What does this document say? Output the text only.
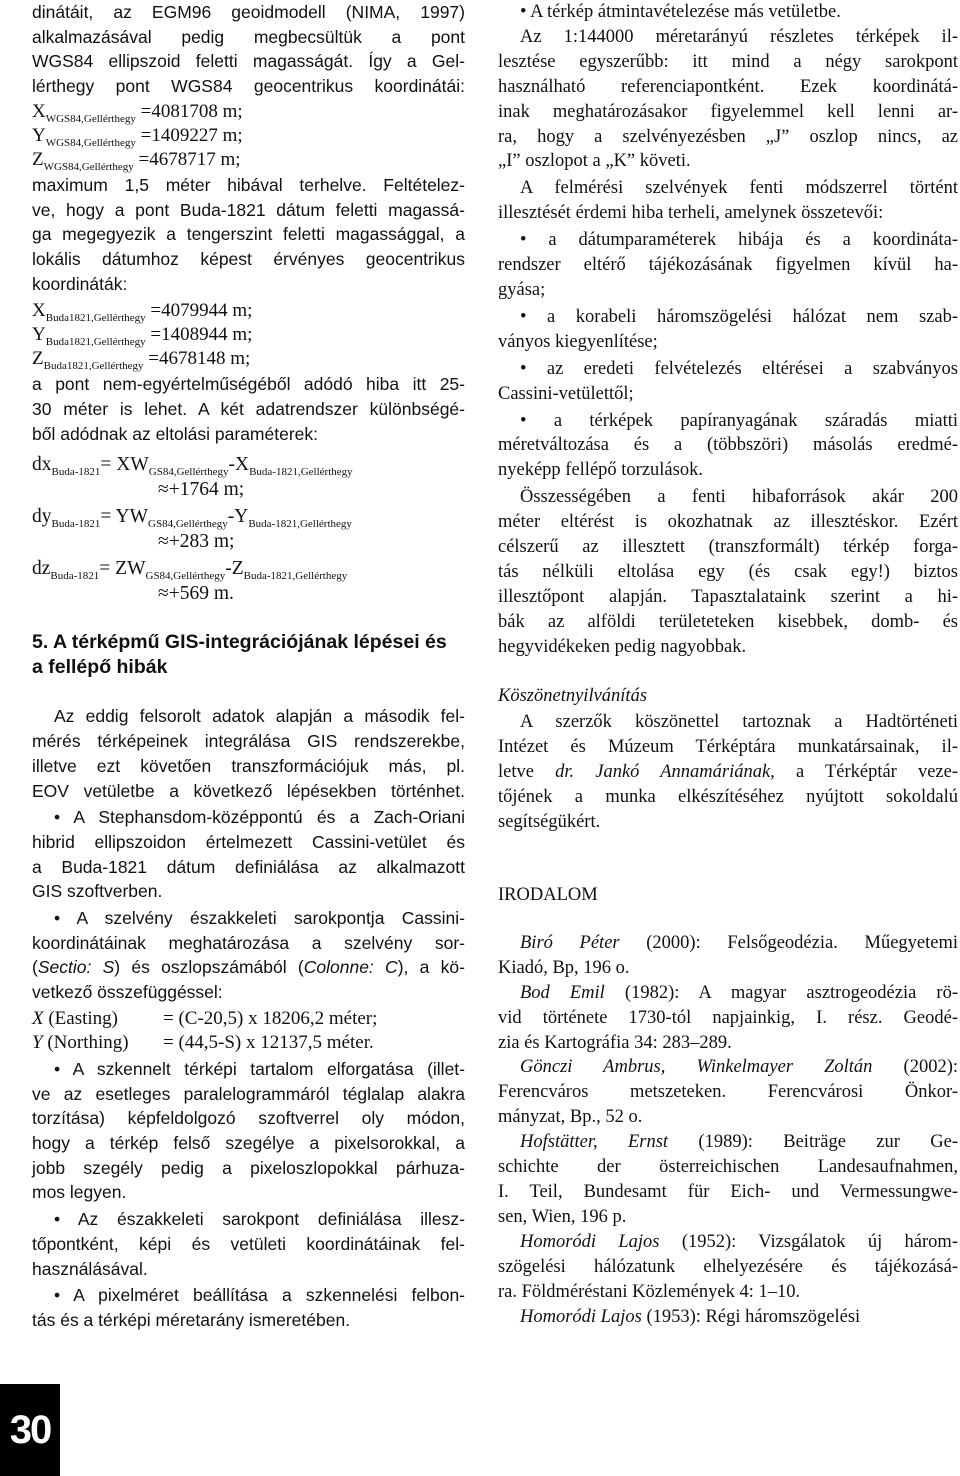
dinátáit, az EGM96 geoidmodell (NIMA, 1997)
alkalmazásával pedig megbecsültük a pont
WGS84 ellipszoid feletti magasságát. Így a Gel-
lérthegy pont WGS84 geocentrikus koordinátái:
$X_{WGS84,Gellérthegy} =4081708$ m;
$Y_{WGS84,Gellérthegy} =1409227$ m;
$Z_{WGS84,Gellérthegy} =4678717$ m;
maximum 1,5 méter hibával terhelve. Feltételez-
ve, hogy a pont Buda-1821 dátum feletti magassá-
ga megegyezik a tengerszint feletti magassággal, a
lokális dátumhoz képest érvényes geocentrikus
koordináták:
$X_{Buda1821,Gellérthegy} =4079944$ m;
$Y_{Buda1821,Gellérthegy} =1408944$ m;
$Z_{Buda1821,Gellérthegy} =4678148$ m;
a pont nem-egyértelműségéből adódó hiba itt 25-
30 méter is lehet. A két adatrendszer különbségé-
ből adódnak az eltolási paraméterek:
$dx_{Buda-1821}= XW_{GS84,Gellérthegy}-X_{Buda-1821,Gellérthegy}$
≈+1764 m;
$dy_{Buda-1821}= YW_{GS84,Gellérthegy}-Y_{Buda-1821,Gellérthegy}$
≈+283 m;
$dz_{Buda-1821}= ZW_{GS84,Gellérthegy}-Z_{Buda-1821,Gellérthegy}$
≈+569 m.
5. A térképmű GIS-integrációjának lépései és
a fellépő hibák
Az eddig felsorolt adatok alapján a második fel-
mérés térképeinek integrálása GIS rendszerekbe,
illetve ezt követően transzformációjuk más, pl.
EOV vetületbe a következő lépésekben történhet.
• A Stephansdom-középpontú és a Zach-Oriani
hibrid ellipszoidon értelmezett Cassini-vetület és
a Buda-1821 dátum definiálása az alkalmazott
GIS szoftverben.
• A szelvény északkeleti sarokpontja Cassini-
koordinátáinak meghatározása a szelvény sor-
(Sectio: S) és oszlopszámából (Colonne: C), a kö-
vetkező összefüggéssel:
X (Easting) = (C-20,5) x 18206,2 méter;
Y (Northing) = (44,5-S) x 12137,5 méter.
• A szkennelt térképi tartalom elforgatása (illet-
ve az esetleges paralelogrammáról téglalap alakra
torzítása) képfeldolgozó szoftverrel oly módon,
hogy a térkép felső szegélye a pixelsorokkal, a
jobb szegély pedig a pixeloszlopokkal párhuza-
mos legyen.
• Az északkeleti sarokpont definiálása illesz-
tőpontként, képi és vetületi koordinátáinak fel-
használásával.
• A pixelméret beállítása a szkennelési felbon-
tás és a térképi méretarány ismeretében.
• A térkép átmintavételezése más vetületbe.
Az 1:144000 méretarányú részletes térképek il-
lesztése egyszerűbb: itt mind a négy sarokpont
használható referenciapontként. Ezek koordinátá-
inak meghatározásakor figyelemmel kell lenni ar-
ra, hogy a szelvényezésben „J” oszlop nincs, az
„I” oszlopot a „K” követi.
A felmérési szelvények fenti módszerrel történt
illesztését érdemi hiba terheli, amelynek összetevői:
• a dátumparaméterek hibája és a koordináta-
rendszer eltérő tájékozásának figyelmen kívül ha-
gyása;
• a korabeli háromszögelési hálózat nem szab-
ványos kiegyenlítése;
• az eredeti felvételezés eltérései a szabványos
Cassini-vetülettől;
• a térképek papíranyagának száradás miatti
méretváltozása és a (többszöri) másolás eredmé-
nyeképp fellépő torzulások.
Összességében a fenti hibaforrások akár 200
méter eltérést is okozhatnak az illesztéskor. Ezért
célszerű az illesztett (transzformált) térkép forga-
tás nélküli eltolása egy (és csak egy!) biztos
illesztőpont alapján. Tapasztalataink szerint a hi-
bák az alföldi területeteken kisebbek, domb- és
hegyvidékeken pedig nagyobbak.
Köszönetnyilvánítás
A szerzők köszönettel tartoznak a Hadtörténeti
Intézet és Múzeum Térképtára munkatársainak, il-
letve dr. Jankó Annamáriának, a Térképtár veze-
tőjének a munka elkészítéséhez nyújtott sokoldalú
segítségükért.
IRODALOM
Biró Péter (2000): Felsőgeodézia. Műegyetemi
Kiadó, Bp, 196 o.
Bod Emil (1982): A magyar asztrogeodézia rö-
vid története 1730-tól napjainkig, I. rész. Geodé-
zia és Kartográfia 34: 283–289.
Gönczi Ambrus, Winkelmayer Zoltán (2002):
Ferencváros metszeteken. Ferencvárosi Önkor-
mányzat, Bp., 52 o.
Hofstätter, Ernst (1989): Beiträge zur Ge-
schichte der österreichischen Landesaufnahmen,
I. Teil, Bundesamt für Eich- und Vermessungwe-
sen, Wien, 196 p.
Homoródi Lajos (1952): Vizsgálatok új három-
szögelési hálózatunk elhelyezésére és tájékozásá-
ra. Földméréstani Közlemények 4: 1–10.
Homoródi Lajos (1953): Régi háromszögelési
30
